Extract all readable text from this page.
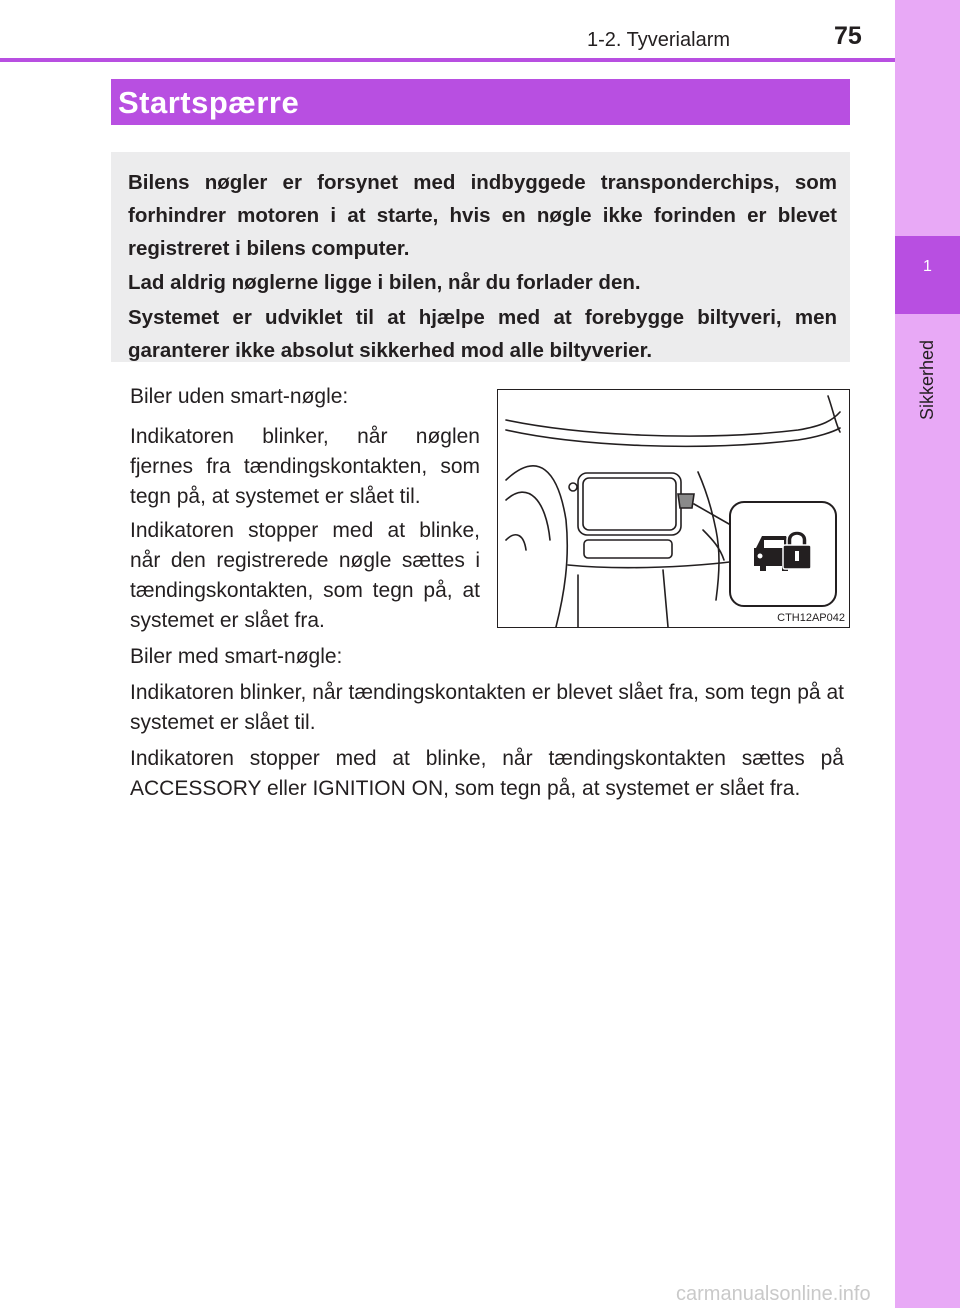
1
Sikkerhed
1-2. Tyverialarm	75
Startspærre

Bilens nøgler er forsynet med indbyggede transponderchips, som forhindrer motoren i at starte, hvis en nøgle ikke forinden er blevet registreret i bilens computer.

Lad aldrig nøglerne ligge i bilen, når du forlader den.

Systemet er udviklet til at hjælpe med at forebygge biltyveri, men garanterer ikke absolut sikkerhed mod alle biltyverier.

Biler uden smart-nøgle:
Indikatoren blinker, når nøglen fjernes fra tændingskontakten, som tegn på, at systemet er slået til.
Indikatoren stopper med at blinke, når den registrerede nøgle sættes i tændingskontakten, som tegn på, at systemet er slået fra.	CTH12AP042
Biler med smart-nøgle:
Indikatoren blinker, når tændingskontakten er blevet slået fra, som tegn på at systemet er slået til.
Indikatoren stopper med at blinke, når tændingskontakten sættes på ACCESSORY eller IGNITION ON, som tegn på, at systemet er slået fra.
carmanualsonline.info
